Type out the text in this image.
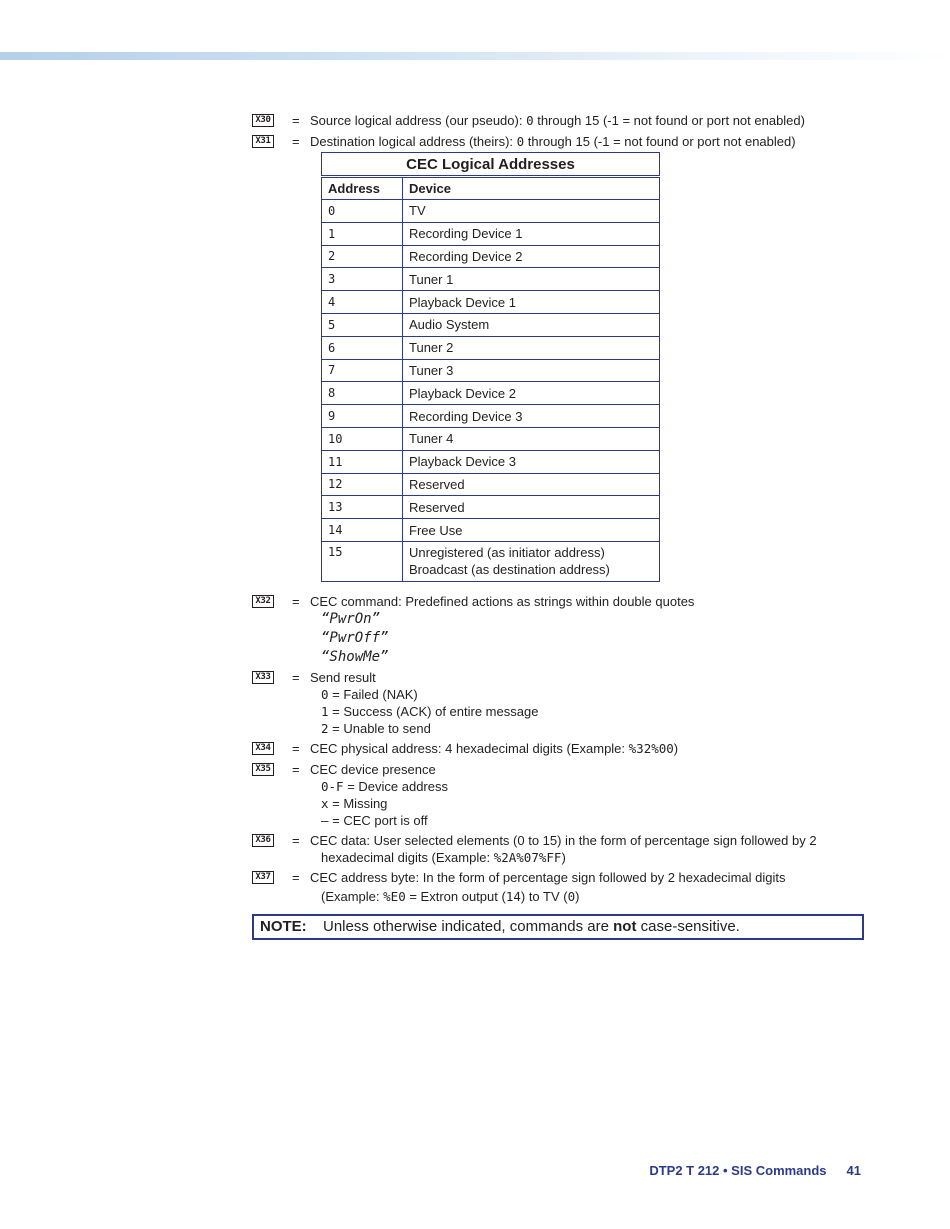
X30 = Source logical address (our pseudo): 0 through 15 (-1 = not found or port not enabled)
X31 = Destination logical address (theirs): 0 through 15 (-1 = not found or port not enabled)
CEC Logical Addresses	
Address	Device
0	TV
1	Recording Device 1
2	Recording Device 2
3	Tuner 1
4	Playback Device 1
5	Audio System
6	Tuner 2
7	Tuner 3
8	Playback Device 2
9	Recording Device 3
10	Tuner 4
11	Playback Device 3
12	Reserved
13	Reserved
14	Free Use
15	Unregistered (as initiator address)
Broadcast (as destination address)
X32 = CEC command: Predefined actions as strings within double quotes
“PwrOn”
“PwrOff”
“ShowMe”
X33 = Send result
0 = Failed (NAK)
1 = Success (ACK) of entire message
2 = Unable to send
X34 = CEC physical address: 4 hexadecimal digits (Example: %32%00)
X35 = CEC device presence
0-F = Device address
x = Missing
– = CEC port is off
X36 = CEC data: User selected elements (0 to 15) in the form of percentage sign followed by 2
hexadecimal digits (Example: %2A%07%FF)
X37 = CEC address byte: In the form of percentage sign followed by 2 hexadecimal digits
(Example: %E0 = Extron output (14) to TV (0)
NOTE: Unless otherwise indicated, commands are not case-sensitive.
DTP2 T 212 • SIS Commands 41
